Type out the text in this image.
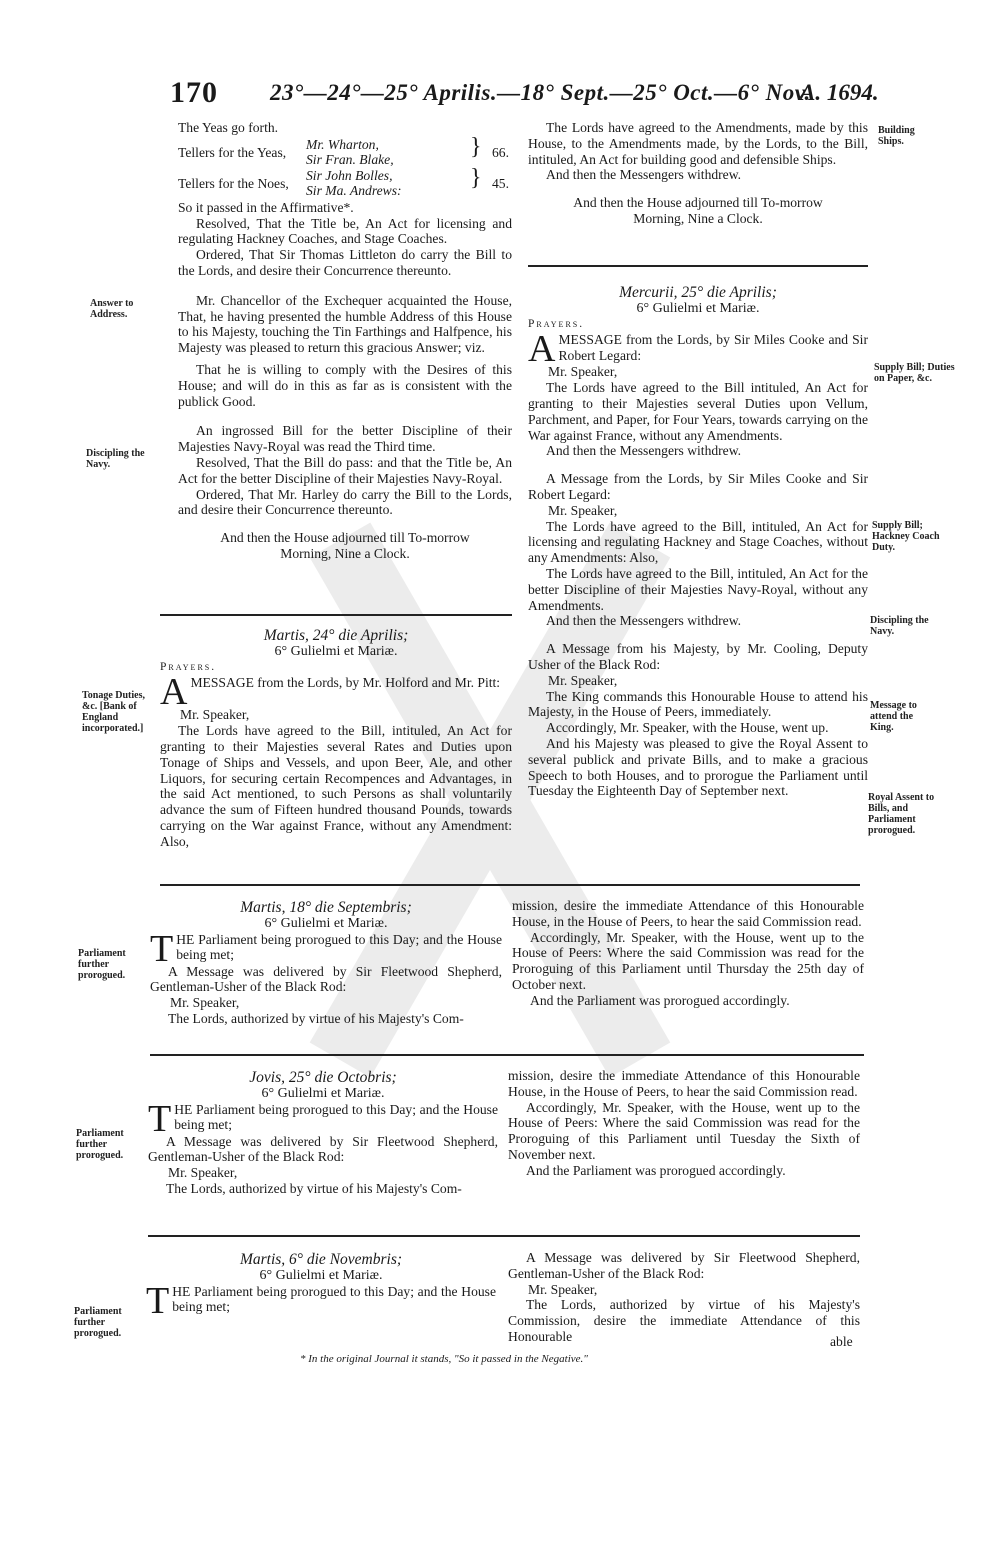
170 23°—24°—25° Aprilis.—18° Sept.—25° Oct.—6° Nov.
A. 1694.

The Yeas go forth.

Tellers for the Yeas,
Mr. Wharton,
Sir Fran. Blake,	} 66.
Tellers for the Noes,
Sir John Bolles,
Sir Ma. Andrews:	} 45.

So it passed in the Affirmative*.

Resolved, That the Title be, An Act for licensing and regulating Hackney Coaches, and Stage Coaches.

Ordered, That Sir Thomas Littleton do carry the Bill to the Lords, and desire their Concurrence thereunto.

Mr. Chancellor of the Exchequer acquainted the House, That, he having presented the humble Address of this House to his Majesty, touching the Tin Farthings and Halfpence, his Majesty was pleased to return this gracious Answer; viz.

That he is willing to comply with the Desires of this House; and will do in this as far as is consistent with the publick Good.

An ingrossed Bill for the better Discipline of their Majesties Navy-Royal was read the Third time.

Resolved, That the Bill do pass: and that the Title be, An Act for the better Discipline of their Majesties Navy-Royal.

Ordered, That Mr. Harley do carry the Bill to the Lords, and desire their Concurrence thereunto.

And then the House adjourned till To-morrow Morning, Nine a Clock.

Martis, 24° die Aprilis;

6° Gulielmi et Mariæ.

Prayers.

AMESSAGE from the Lords, by Mr. Holford and Mr. Pitt:

Mr. Speaker,

The Lords have agreed to the Bill, intituled, An Act for granting to their Majesties several Rates and Duties upon Tonage of Ships and Vessels, and upon Beer, Ale, and other Liquors, for securing certain Recompences and Advantages, in the said Act mentioned, to such Persons as shall voluntarily advance the sum of Fifteen hundred thousand Pounds, towards carrying on the War against France, without any Amendment: Also,

The Lords have agreed to the Amendments, made by this House, to the Amendments made, by the Lords, to the Bill, intituled, An Act for building good and defensible Ships.

And then the Messengers withdrew.

And then the House adjourned till To-morrow Morning, Nine a Clock.

Mercurii, 25° die Aprilis;

6° Gulielmi et Mariæ.

Prayers.

AMESSAGE from the Lords, by Sir Miles Cooke and Sir Robert Legard:

Mr. Speaker,

The Lords have agreed to the Bill intituled, An Act for granting to their Majesties several Duties upon Vellum, Parchment, and Paper, for Four Years, towards carrying on the War against France, without any Amendments.

And then the Messengers withdrew.

A Message from the Lords, by Sir Miles Cooke and Sir Robert Legard:

Mr. Speaker,

The Lords have agreed to the Bill, intituled, An Act for licensing and regulating Hackney and Stage Coaches, without any Amendments: Also,

The Lords have agreed to the Bill, intituled, An Act for the better Discipline of their Majesties Navy-Royal, without any Amendments.

And then the Messengers withdrew.

A Message from his Majesty, by Mr. Cooling, Deputy Usher of the Black Rod:

Mr. Speaker,

The King commands this Honourable House to attend his Majesty, in the House of Peers, immediately.

Accordingly, Mr. Speaker, with the House, went up.

And his Majesty was pleased to give the Royal Assent to several publick and private Bills, and to make a gracious Speech to both Houses, and to prorogue the Parliament until Tuesday the Eighteenth Day of September next.

Martis, 18° die Septembris;

6° Gulielmi et Mariæ.

THE Parliament being prorogued to this Day; and the House being met;

A Message was delivered by Sir Fleetwood Shepherd, Gentleman-Usher of the Black Rod:

Mr. Speaker,

The Lords, authorized by virtue of his Majesty's Com-

mission, desire the immediate Attendance of this Honourable House, in the House of Peers, to hear the said Commission read.

Accordingly, Mr. Speaker, with the House, went up to the House of Peers: Where the said Commission was read for the Proroguing of this Parliament until Thursday the 25th day of October next.

And the Parliament was prorogued accordingly.

Jovis, 25° die Octobris;

6° Gulielmi et Mariæ.

THE Parliament being prorogued to this Day; and the House being met;

A Message was delivered by Sir Fleetwood Shepherd, Gentleman-Usher of the Black Rod:

Mr. Speaker,

The Lords, authorized by virtue of his Majesty's Com-

mission, desire the immediate Attendance of this Honourable House, in the House of Peers, to hear the said Commission read.

Accordingly, Mr. Speaker, with the House, went up to the House of Peers: Where the said Commission was read for the Proroguing of this Parliament until Tuesday the Sixth of November next.

And the Parliament was prorogued accordingly.

Martis, 6° die Novembris;

6° Gulielmi et Mariæ.

THE Parliament being prorogued to this Day; and the House being met;

A Message was delivered by Sir Fleetwood Shepherd, Gentleman-Usher of the Black Rod:

Mr. Speaker,

The Lords, authorized by virtue of his Majesty's Commission, desire the immediate Attendance of this Honourable

* In the original Journal it stands, "So it passed in the Negative."
able
Answer to Address.
Discipling the Navy.
Tonage Duties, &c. [Bank of England incorporated.]
Parliament further prorogued.
Parliament further prorogued.
Parliament further prorogued.
Building Ships.
Supply Bill; Duties on Paper, &c.
Supply Bill; Hackney Coach Duty.
Discipling the Navy.
Message to attend the King.
Royal Assent to Bills, and Parliament prorogued.
